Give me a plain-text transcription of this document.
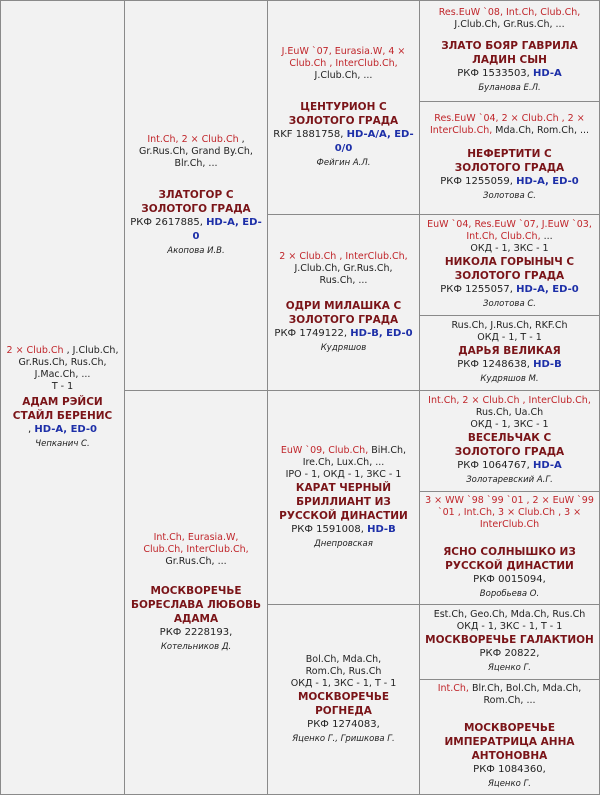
2 × Club.Ch , J.Club.Ch, Gr.Rus.Ch, Rus.Ch, J.Mac.Ch, ...
Т - 1
АДАМ РЭЙСИ СТАЙЛ БЕРЕНИС
, HD-A, ED-0
Чепканич С.
Int.Ch, 2 × Club.Ch , Gr.Rus.Ch, Grand By.Ch, Blr.Ch, ...
ЗЛАТОГОР С ЗОЛОТОГО ГРАДА
РКФ 2617885, HD-A, ED-0
Акопова И.В.
Int.Ch, Eurasia.W, Club.Ch, InterClub.Ch, Gr.Rus.Ch, ...
МОСКВОРЕЧЬЕ БОРЕСЛАВА ЛЮБОВЬ АДАМА
РКФ 2228193,
Котельников Д.
J.EuW `07, Eurasia.W, 4 × Club.Ch , InterClub.Ch, J.Club.Ch, ...
ЦЕНТУРИОН С ЗОЛОТОГО ГРАДА
RKF 1881758, HD-A/A, ED-0/0
Фейгин А.Л.
2 × Club.Ch , InterClub.Ch, J.Club.Ch, Gr.Rus.Ch, Rus.Ch, ...
ОДРИ МИЛАШКА С ЗОЛОТОГО ГРАДА
РКФ 1749122, HD-B, ED-0
Кудряшов
EuW `09, Club.Ch, BiH.Ch, Ire.Ch, Lux.Ch, ...
IPO - 1, ОКД - 1, ЗКС - 1
КАРАТ ЧЕРНЫЙ БРИЛЛИАНТ ИЗ РУССКОЙ ДИНАСТИИ
РКФ 1591008, HD-B
Днепровская
Bol.Ch, Mda.Ch, Rom.Ch, Rus.Ch
ОКД - 1, ЗКС - 1, Т - 1
МОСКВОРЕЧЬЕ РОГНЕДА
РКФ 1274083,
Яценко Г., Гришкова Г.
Res.EuW `08, Int.Ch, Club.Ch, J.Club.Ch, Gr.Rus.Ch, ...
ЗЛАТО БОЯР ГАВРИЛА ЛАДИН СЫН
РКФ 1533503, HD-A
Буланова Е.Л.
Res.EuW `04, 2 × Club.Ch , 2 × InterClub.Ch, Mda.Ch, Rom.Ch, ...
НЕФЕРТИТИ С ЗОЛОТОГО ГРАДА
РКФ 1255059, HD-A, ED-0
Золотова С.
EuW `04, Res.EuW `07, J.EuW `03, Int.Ch, Club.Ch, ...
ОКД - 1, ЗКС - 1
НИКОЛА ГОРЫНЫЧ С ЗОЛОТОГО ГРАДА
РКФ 1255057, HD-A, ED-0
Золотова С.
Rus.Ch, J.Rus.Ch, RKF.Ch
ОКД - 1, Т - 1
ДАРЬЯ ВЕЛИКАЯ
РКФ 1248638, HD-B
Кудряшов М.
Int.Ch, 2 × Club.Ch , InterClub.Ch, Rus.Ch, Ua.Ch
ОКД - 1, ЗКС - 1
ВЕСЕЛЬЧАК С ЗОЛОТОГО ГРАДА
РКФ 1064767, HD-A
Золотаревский А.Г.
3 × WW `98 `99 `01 , 2 × EuW `99 `01 , Int.Ch, 3 × Club.Ch , 3 × InterClub.Ch
ЯСНО СОЛНЫШКО ИЗ РУССКОЙ ДИНАСТИИ
РКФ 0015094,
Воробьева О.
Est.Ch, Geo.Ch, Mda.Ch, Rus.Ch
ОКД - 1, ЗКС - 1, Т - 1
МОСКВОРЕЧЬЕ ГАЛАКТИОН
РКФ 20822,
Яценко Г.
Int.Ch, Blr.Ch, Bol.Ch, Mda.Ch, Rom.Ch, ...
МОСКВОРЕЧЬЕ ИМПЕРАТРИЦА АННА АНТОНОВНА
РКФ 1084360,
Яценко Г.
